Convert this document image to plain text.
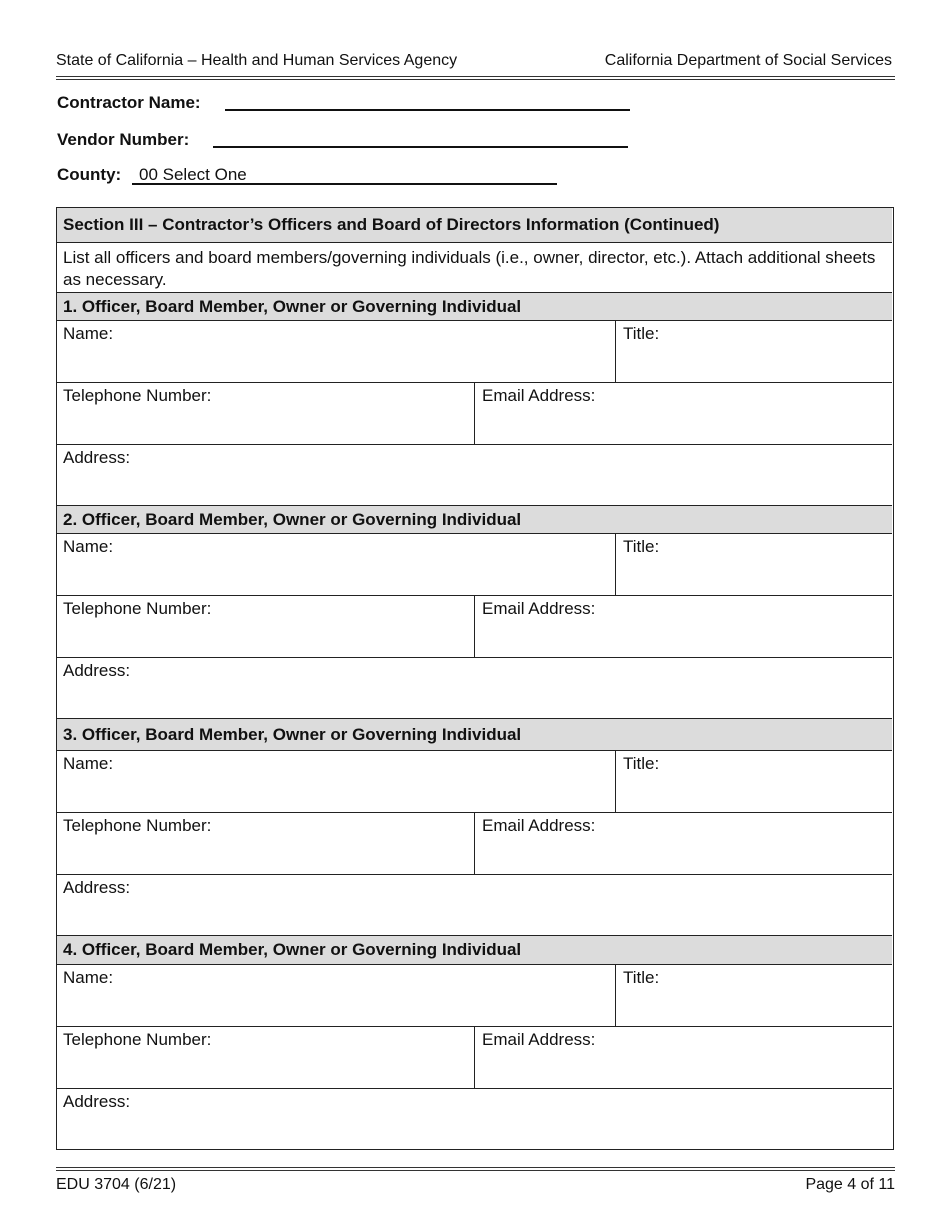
State of California – Health and Human Services Agency	California Department of Social Services
Contractor Name:
Vendor Number:
County: 00 Select One
Section III – Contractor’s Officers and Board of Directors Information (Continued)
List all officers and board members/governing individuals (i.e., owner, director, etc.). Attach additional sheets as necessary.
1. Officer, Board Member, Owner or Governing Individual
Name:	Title:
Telephone Number:	Email Address:
Address:
2. Officer, Board Member, Owner or Governing Individual
Name:	Title:
Telephone Number:	Email Address:
Address:
3. Officer, Board Member, Owner or Governing Individual
Name:	Title:
Telephone Number:	Email Address:
Address:
4. Officer, Board Member, Owner or Governing Individual
Name:	Title:
Telephone Number:	Email Address:
Address:
EDU 3704 (6/21)	Page 4 of 11
